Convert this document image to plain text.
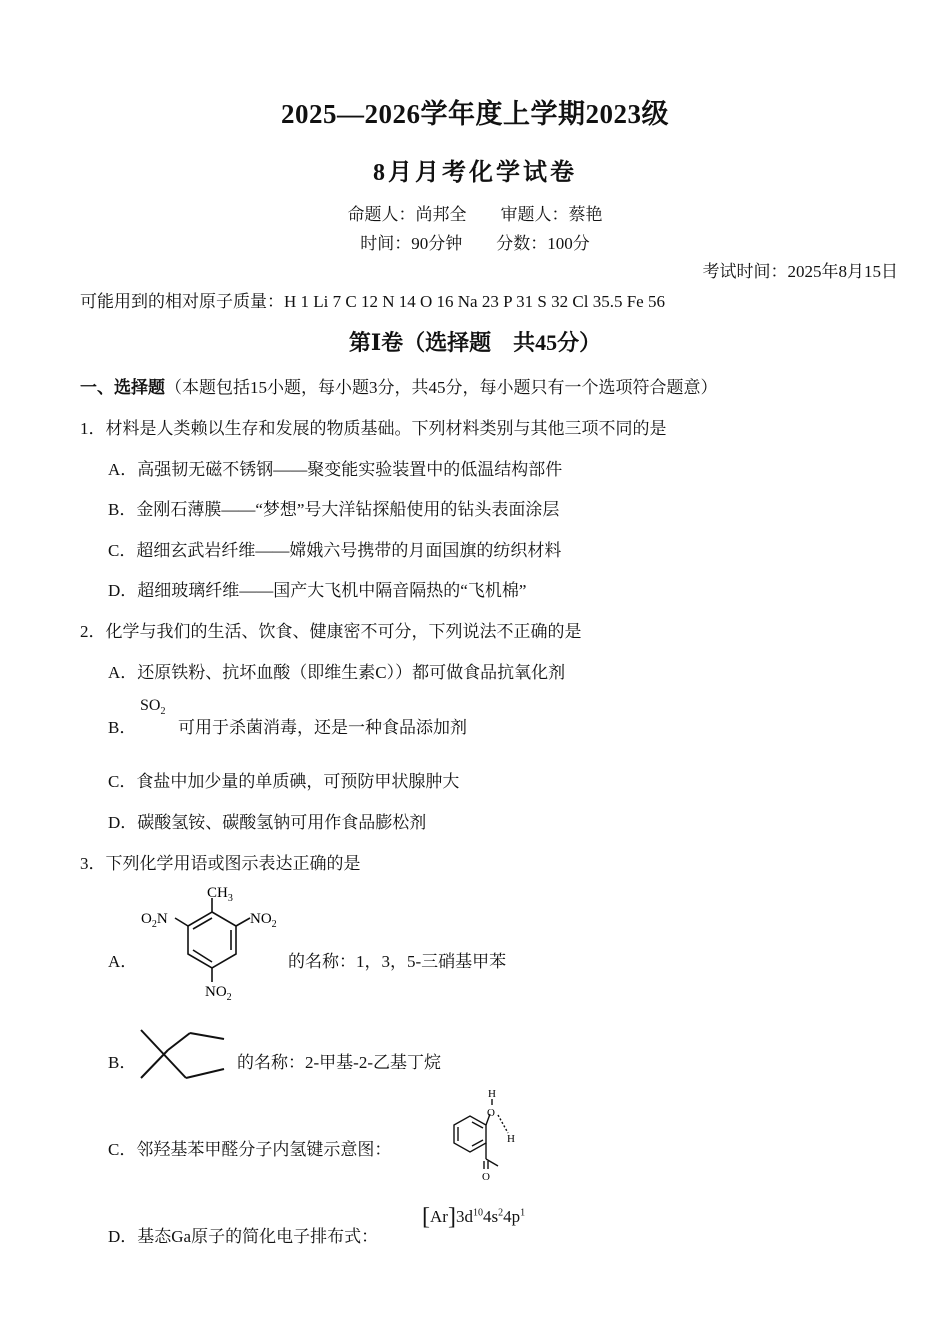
2025—2026学年度上学期2023级
8月月考化学试卷
命题人：尚邦全　　审题人：蔡艳
时间：90分钟　　分数：100分
考试时间：2025年8月15日
可能用到的相对原子质量：H 1 Li 7 C 12 N 14 O 16 Na 23 P 31 S 32 Cl 35.5 Fe 56
第Ⅰ卷（选择题　共45分）
一、选择题（本题包括15小题，每小题3分，共45分，每小题只有一个选项符合题意）
1．材料是人类赖以生存和发展的物质基础。下列材料类别与其他三项不同的是
A．高强韧无磁不锈钢——聚变能实验装置中的低温结构部件
B．金刚石薄膜——“梦想”号大洋钻探船使用的钻头表面涂层
C．超细玄武岩纤维——嫦娥六号携带的月面国旗的纺织材料
D．超细玻璃纤维——国产大飞机中隔音隔热的“飞机棉”
2．化学与我们的生活、饮食、健康密不可分，下列说法不正确的是
A．还原铁粉、抗坏血酸（即维生素C））都可做食品抗氧化剂
B．
$SO_2$
可用于杀菌消毒，还是一种食品添加剂
C．食盐中加少量的单质碘，可预防甲状腺肿大
D．碳酸氢铵、碳酸氢钠可用作食品膨松剂
3．下列化学用语或图示表达正确的是
A．
$CH_3$
$NO_2$
$O_2N$
$NO_2$
的名称：1，3，5-三硝基甲苯
B．	的名称：2-甲基-2-乙基丁烷
C．邻羟基苯甲醛分子内氢键示意图：
H
O
H
O
D．基态Ga原子的简化电子排布式：
$[Ar]3d^{10}4s^24p^1$
